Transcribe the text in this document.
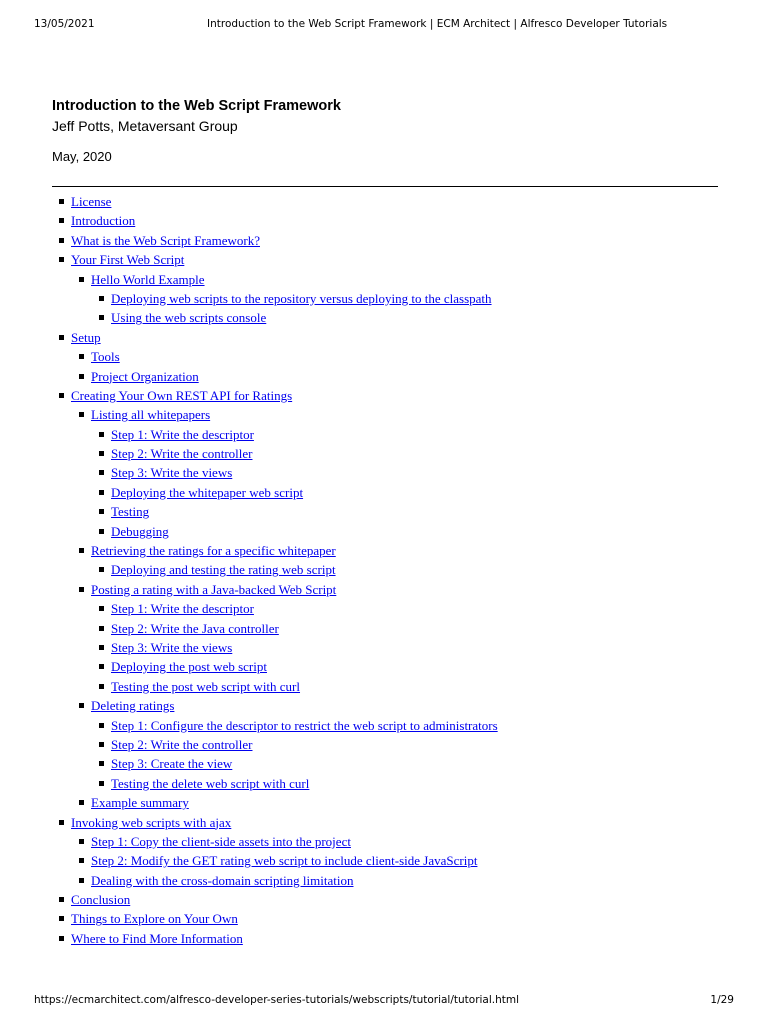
13/05/2021	Introduction to the Web Script Framework | ECM Architect | Alfresco Developer Tutorials
Introduction to the Web Script Framework

Jeff Potts, Metaversant Group

May, 2020

License
Introduction
What is the Web Script Framework?
Your First Web Script
Hello World Example
Deploying web scripts to the repository versus deploying to the classpath
Using the web scripts console
Setup
Tools
Project Organization
Creating Your Own REST API for Ratings
Listing all whitepapers
Step 1: Write the descriptor
Step 2: Write the controller
Step 3: Write the views
Deploying the whitepaper web script
Testing
Debugging
Retrieving the ratings for a specific whitepaper
Deploying and testing the rating web script
Posting a rating with a Java-backed Web Script
Step 1: Write the descriptor
Step 2: Write the Java controller
Step 3: Write the views
Deploying the post web script
Testing the post web script with curl
Deleting ratings
Step 1: Configure the descriptor to restrict the web script to administrators
Step 2: Write the controller
Step 3: Create the view
Testing the delete web script with curl
Example summary
Invoking web scripts with ajax
Step 1: Copy the client-side assets into the project
Step 2: Modify the GET rating web script to include client-side JavaScript
Dealing with the cross-domain scripting limitation
Conclusion
Things to Explore on Your Own
Where to Find More Information
https://ecmarchitect.com/alfresco-developer-series-tutorials/webscripts/tutorial/tutorial.html	1/29
